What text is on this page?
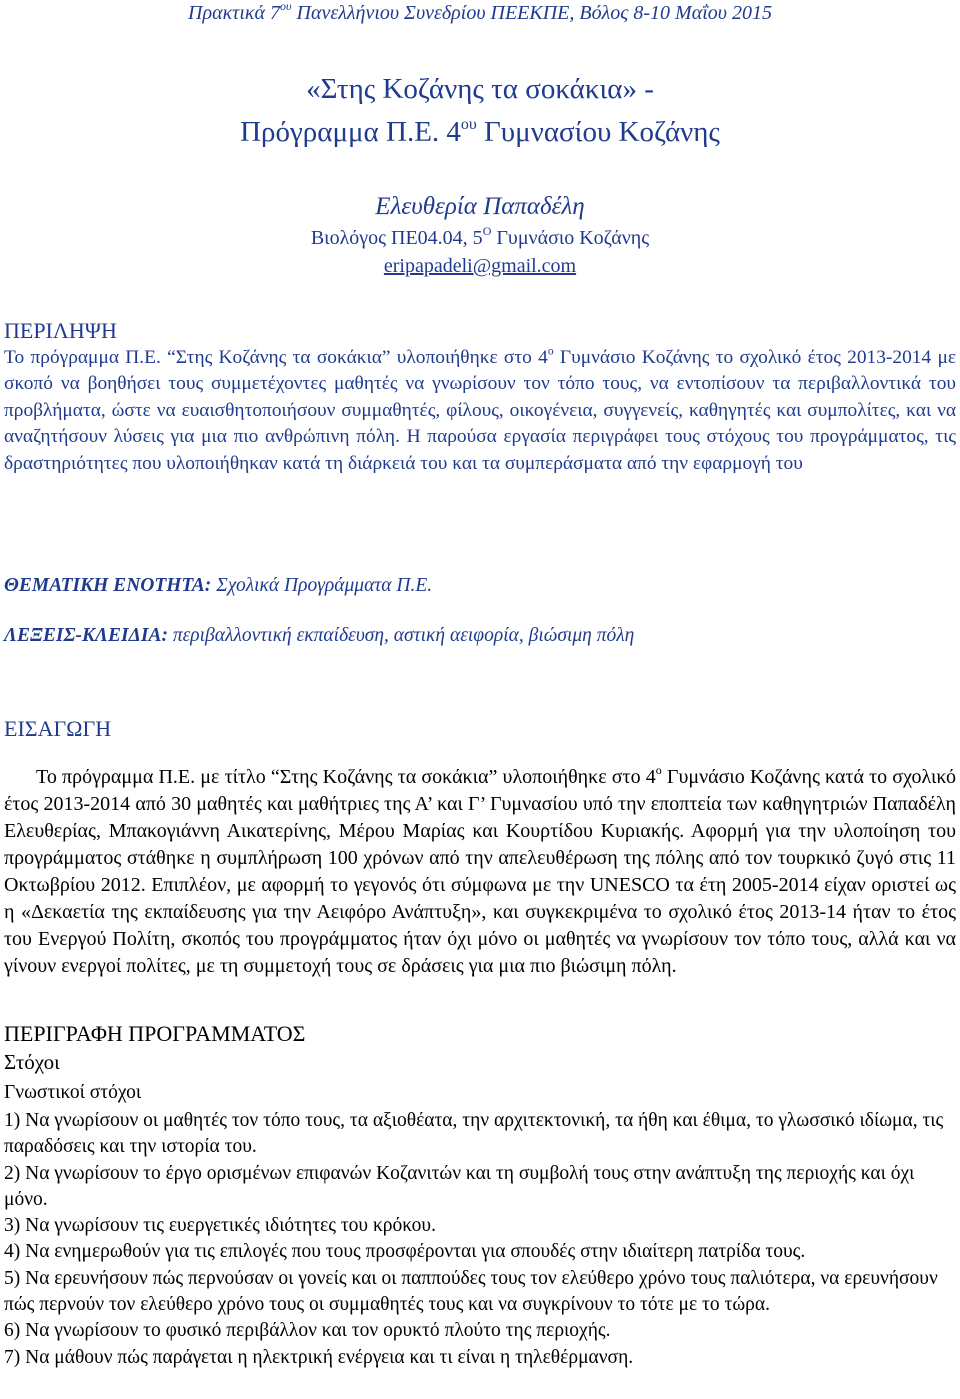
Πρακτικά $7^{o\upsilon}$ Πανελλήνιου Συνεδρίου ΠΕΕΚΠΕ, Βόλος 8-10 Μαΐου 2015
«Στης Κοζάνης τα σοκάκια» -
Πρόγραμμα Π.Ε. $4^{o\upsilon}$ Γυμνασίου Κοζάνης
Ελευθερία Παπαδέλη
Βιολόγος ΠΕ04.04, $5^O$ Γυμνάσιο Κοζάνης
eripapadeli@gmail.com
ΠΕΡΙΛΗΨΗ
Το πρόγραμμα Π.Ε. “Στης Κοζάνης τα σοκάκια” υλοποιήθηκε στο $4^o$ Γυμνάσιο Κοζάνης το σχολικό έτος 2013-2014 με σκοπό να βοηθήσει τους συμμετέχοντες μαθητές να γνωρίσουν τον τόπο τους, να εντοπίσουν τα περιβαλλοντικά του προβλήματα, ώστε να ευαισθητοποιήσουν συμμαθητές, φίλους, οικογένεια, συγγενείς, καθηγητές και συμπολίτες, και να αναζητήσουν λύσεις για μια πιο ανθρώπινη πόλη. Η παρούσα εργασία περιγράφει τους στόχους του προγράμματος, τις δραστηριότητες που υλοποιήθηκαν κατά τη διάρκειά του και τα συμπεράσματα από την εφαρμογή του
ΘΕΜΑΤΙΚΗ ΕΝΟΤΗΤΑ: Σχολικά Προγράμματα Π.Ε.
ΛΕΞΕΙΣ-ΚΛΕΙΔΙΑ: περιβαλλοντική εκπαίδευση, αστική αειφορία, βιώσιμη πόλη
ΕΙΣΑΓΩΓΗ
Το πρόγραμμα Π.Ε. με τίτλο “Στης Κοζάνης τα σοκάκια” υλοποιήθηκε στο $4^o$ Γυμνάσιο Κοζάνης κατά το σχολικό έτος 2013-2014 από 30 μαθητές και μαθήτριες της Α’ και Γ’ Γυμνασίου υπό την εποπτεία των καθηγητριών Παπαδέλη Ελευθερίας, Μπακογιάννη Αικατερίνης, Μέρου Μαρίας και Κουρτίδου Κυριακής. Αφορμή για την υλοποίηση του προγράμματος στάθηκε η συμπλήρωση 100 χρόνων από την απελευθέρωση της πόλης από τον τουρκικό ζυγό στις 11 Οκτωβρίου 2012. Επιπλέον, με αφορμή το γεγονός ότι σύμφωνα με την UNESCO τα έτη 2005-2014 είχαν οριστεί ως η «Δεκαετία της εκπαίδευσης για την Αειφόρο Ανάπτυξη», και συγκεκριμένα το σχολικό έτος 2013-14 ήταν το έτος του Ενεργού Πολίτη, σκοπός του προγράμματος ήταν όχι μόνο οι μαθητές να γνωρίσουν τον τόπο τους, αλλά και να γίνουν ενεργοί πολίτες, με τη συμμετοχή τους σε δράσεις για μια πιο βιώσιμη πόλη.
ΠΕΡΙΓΡΑΦΗ ΠΡΟΓΡΑΜΜΑΤΟΣ
Στόχοι
Γνωστικοί στόχοι

1) Να γνωρίσουν οι μαθητές τον τόπο τους, τα αξιοθέατα, την αρχιτεκτονική, τα ήθη και έθιμα, το γλωσσικό ιδίωμα, τις παραδόσεις και την ιστορία του.

2) Να γνωρίσουν το έργο ορισμένων επιφανών Κοζανιτών και τη συμβολή τους στην ανάπτυξη της περιοχής και όχι μόνο.

3) Να γνωρίσουν τις ευεργετικές ιδιότητες του κρόκου.

4) Να ενημερωθούν για τις επιλογές που τους προσφέρονται για σπουδές στην ιδιαίτερη πατρίδα τους.

5) Να ερευνήσουν πώς περνούσαν οι γονείς και οι παππούδες τους τον ελεύθερο χρόνο τους παλιότερα, να ερευνήσουν πώς περνούν τον ελεύθερο χρόνο τους οι συμμαθητές τους και να συγκρίνουν το τότε με το τώρα.

6) Να γνωρίσουν το φυσικό περιβάλλον και τον ορυκτό πλούτο της περιοχής.

7) Να μάθουν πώς παράγεται η ηλεκτρική ενέργεια και τι είναι η τηλεθέρμανση.
